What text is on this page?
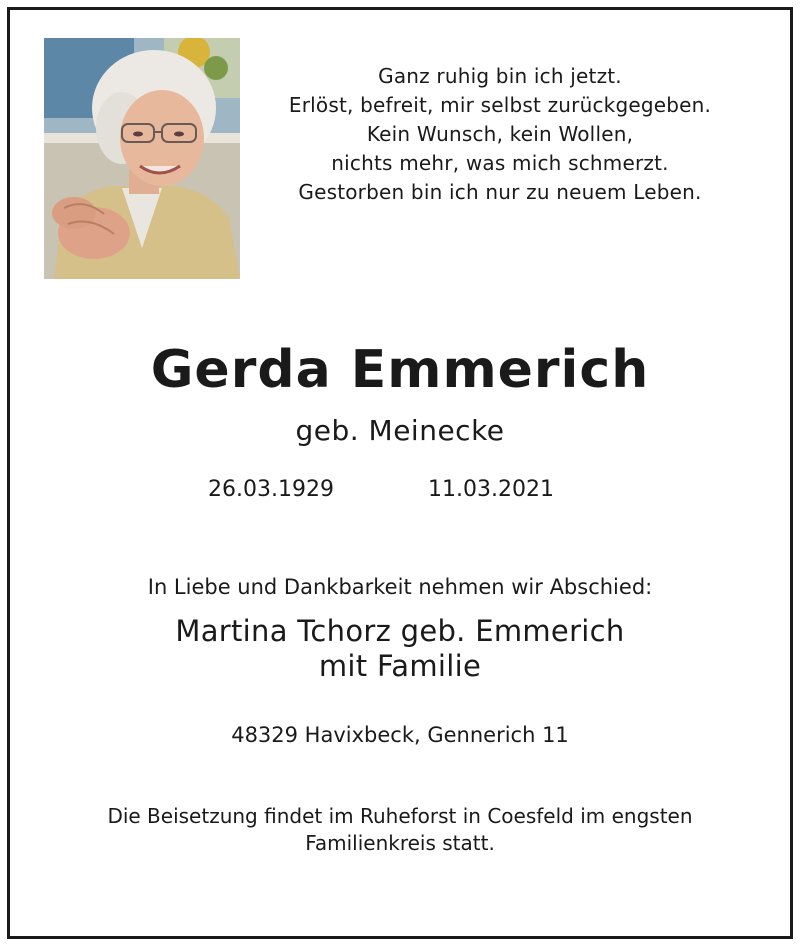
Ganz ruhig bin ich jetzt.
Erlöst, befreit, mir selbst zurückgegeben.
Kein Wunsch, kein Wollen,
nichts mehr, was mich schmerzt.
Gestorben bin ich nur zu neuem Leben.
Gerda Emmerich
geb. Meinecke
26.03.1929	11.03.2021
In Liebe und Dankbarkeit nehmen wir Abschied:
Martina Tchorz geb. Emmerich
mit Familie
48329 Havixbeck, Gennerich 11
Die Beisetzung findet im Ruheforst in Coesfeld im engsten
Familienkreis statt.
